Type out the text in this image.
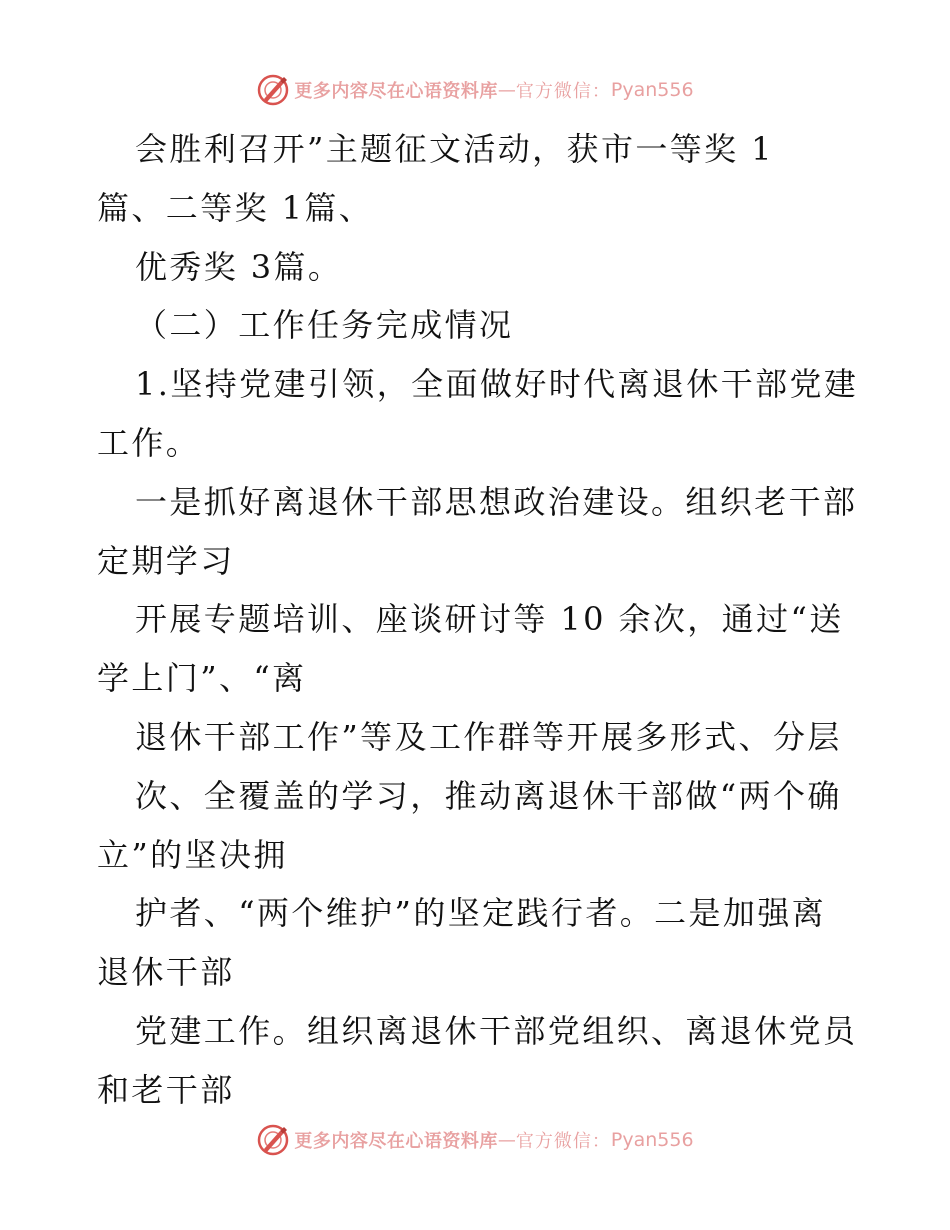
更多内容尽在心语资料库 — 官方微信： Pyan556
会胜利召开”主题征文活动，获市一等奖 1
篇、二等奖 1篇、
优秀奖 3篇。
（二）工作任务完成情况
1.坚持党建引领，全面做好时代离退休干部党建
工作。
一是抓好离退休干部思想政治建设。组织老干部
定期学习
开展专题培训、座谈研讨等 10 余次，通过“送
学上门”、“离
退休干部工作”等及工作群等开展多形式、分层
次、全覆盖的学习，推动离退休干部做“两个确
立”的坚决拥
护者、“两个维护”的坚定践行者。二是加强离
退休干部
党建工作。组织离退休干部党组织、离退休党员
和老干部
更多内容尽在心语资料库 — 官方微信： Pyan556
